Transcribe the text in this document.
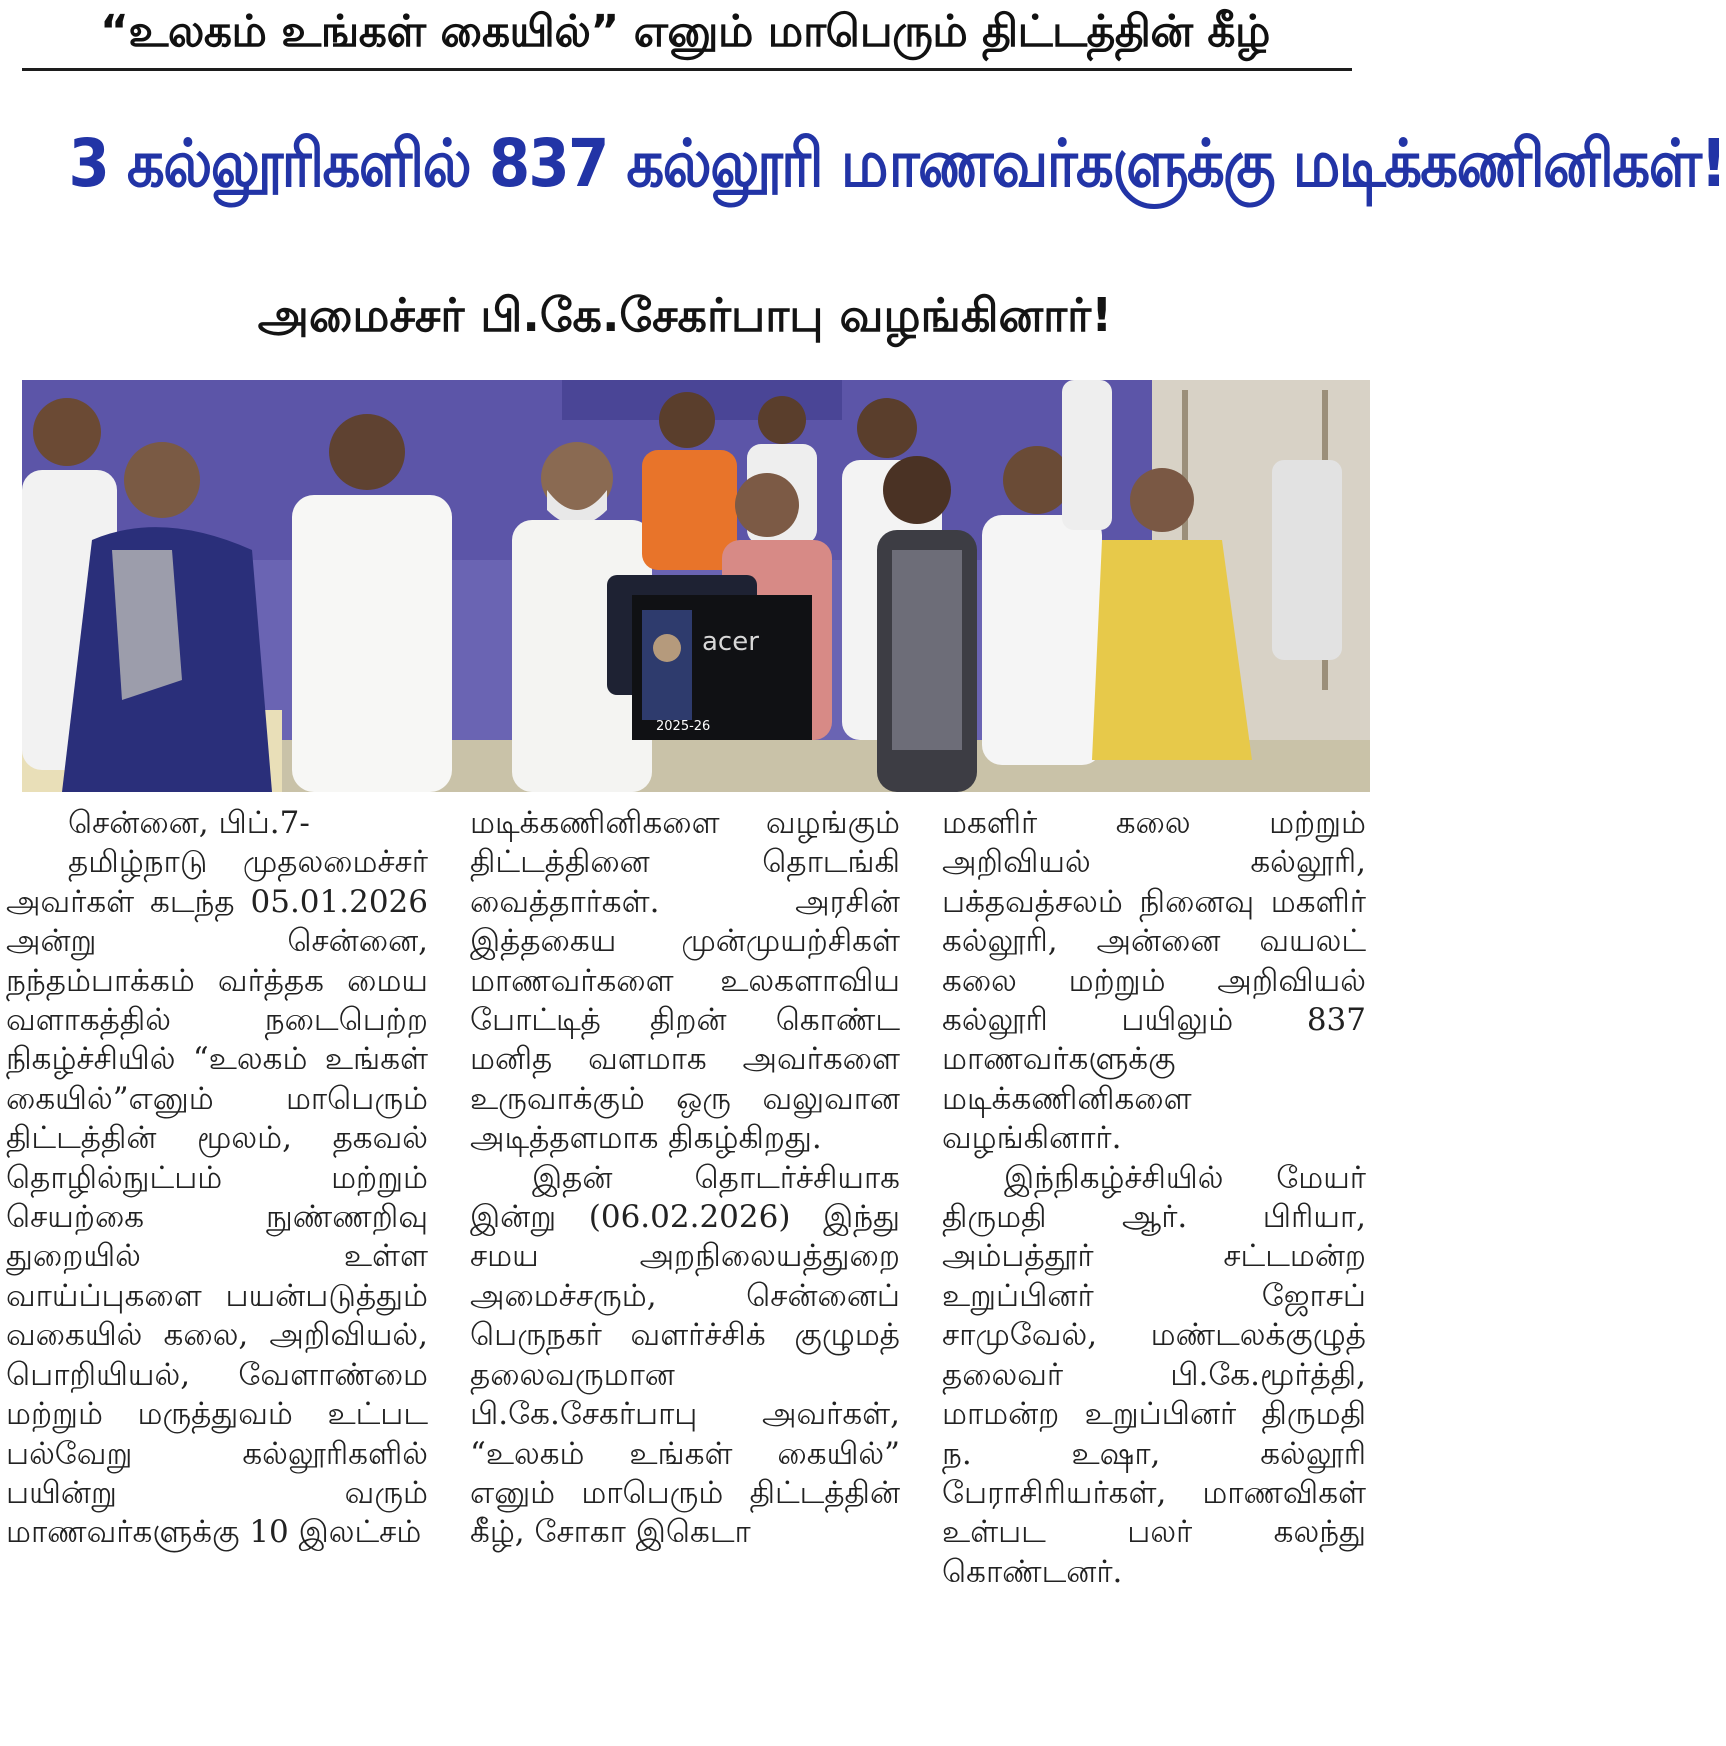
“உலகம் உங்கள் கையில்” எனும் மாபெரும் திட்டத்தின் கீழ்
3 கல்லூரிகளில் 837 கல்லூரி மாணவர்களுக்கு மடிக்கணினிகள்!
அமைச்சர் பி.கே.சேகர்பாபு வழங்கினார்!
acer
2025-26

சென்னை, பிப்.7-

தமிழ்நாடு முதலமைச்சர் அவர்கள் கடந்த 05.01.2026 அன்று சென்னை, நந்தம்பாக்கம் வர்த்தக மைய வளாகத்தில் நடைபெற்ற நிகழ்ச்சியில் “உலகம் உங்கள் கையில்”எனும் மாபெரும் திட்டத்தின் மூலம், தகவல் தொழில்நுட்பம் மற்றும் செயற்கை நுண்ணறிவு துறையில் உள்ள வாய்ப்புகளை பயன்படுத்தும் வகையில் கலை, அறிவியல், பொறியியல், வேளாண்மை மற்றும் மருத்துவம் உட்பட பல்வேறு கல்லூரிகளில் பயின்று வரும் மாணவர்களுக்கு 10 இலட்சம்

மடிக்கணினிகளை வழங்கும் திட்டத்தினை தொடங்கி வைத்தார்கள். அரசின் இத்தகைய முன்முயற்சிகள் மாணவர்களை உலகளாவிய போட்டித் திறன் கொண்ட மனித வளமாக அவர்களை உருவாக்கும் ஒரு வலுவான அடித்தளமாக திகழ்கிறது.

இதன் தொடர்ச்சியாக இன்று (06.02.2026) இந்து சமய அறநிலையத்துறை அமைச்சரும், சென்னைப் பெருநகர் வளர்ச்சிக் குழுமத் தலைவருமான பி.கே.சேகர்பாபு அவர்கள், “உலகம் உங்கள் கையில்” எனும் மாபெரும் திட்டத்தின் கீழ், சோகா இகெடா

மகளிர் கலை மற்றும் அறிவியல் கல்லூரி, பக்தவத்சலம் நினைவு மகளிர் கல்லூரி, அன்னை வயலட் கலை மற்றும் அறிவியல் கல்லூரி பயிலும் 837 மாணவர்களுக்கு மடிக்கணினிகளை வழங்கினார்.

இந்நிகழ்ச்சியில் மேயர் திருமதி ஆர். பிரியா, அம்பத்தூர் சட்டமன்ற உறுப்பினர் ஜோசப் சாமுவேல், மண்டலக்குழுத் தலைவர் பி.கே.மூர்த்தி, மாமன்ற உறுப்பினர் திருமதி ந. உஷா, கல்லூரி பேராசிரியர்கள், மாணவிகள் உள்பட பலர் கலந்து கொண்டனர்.
